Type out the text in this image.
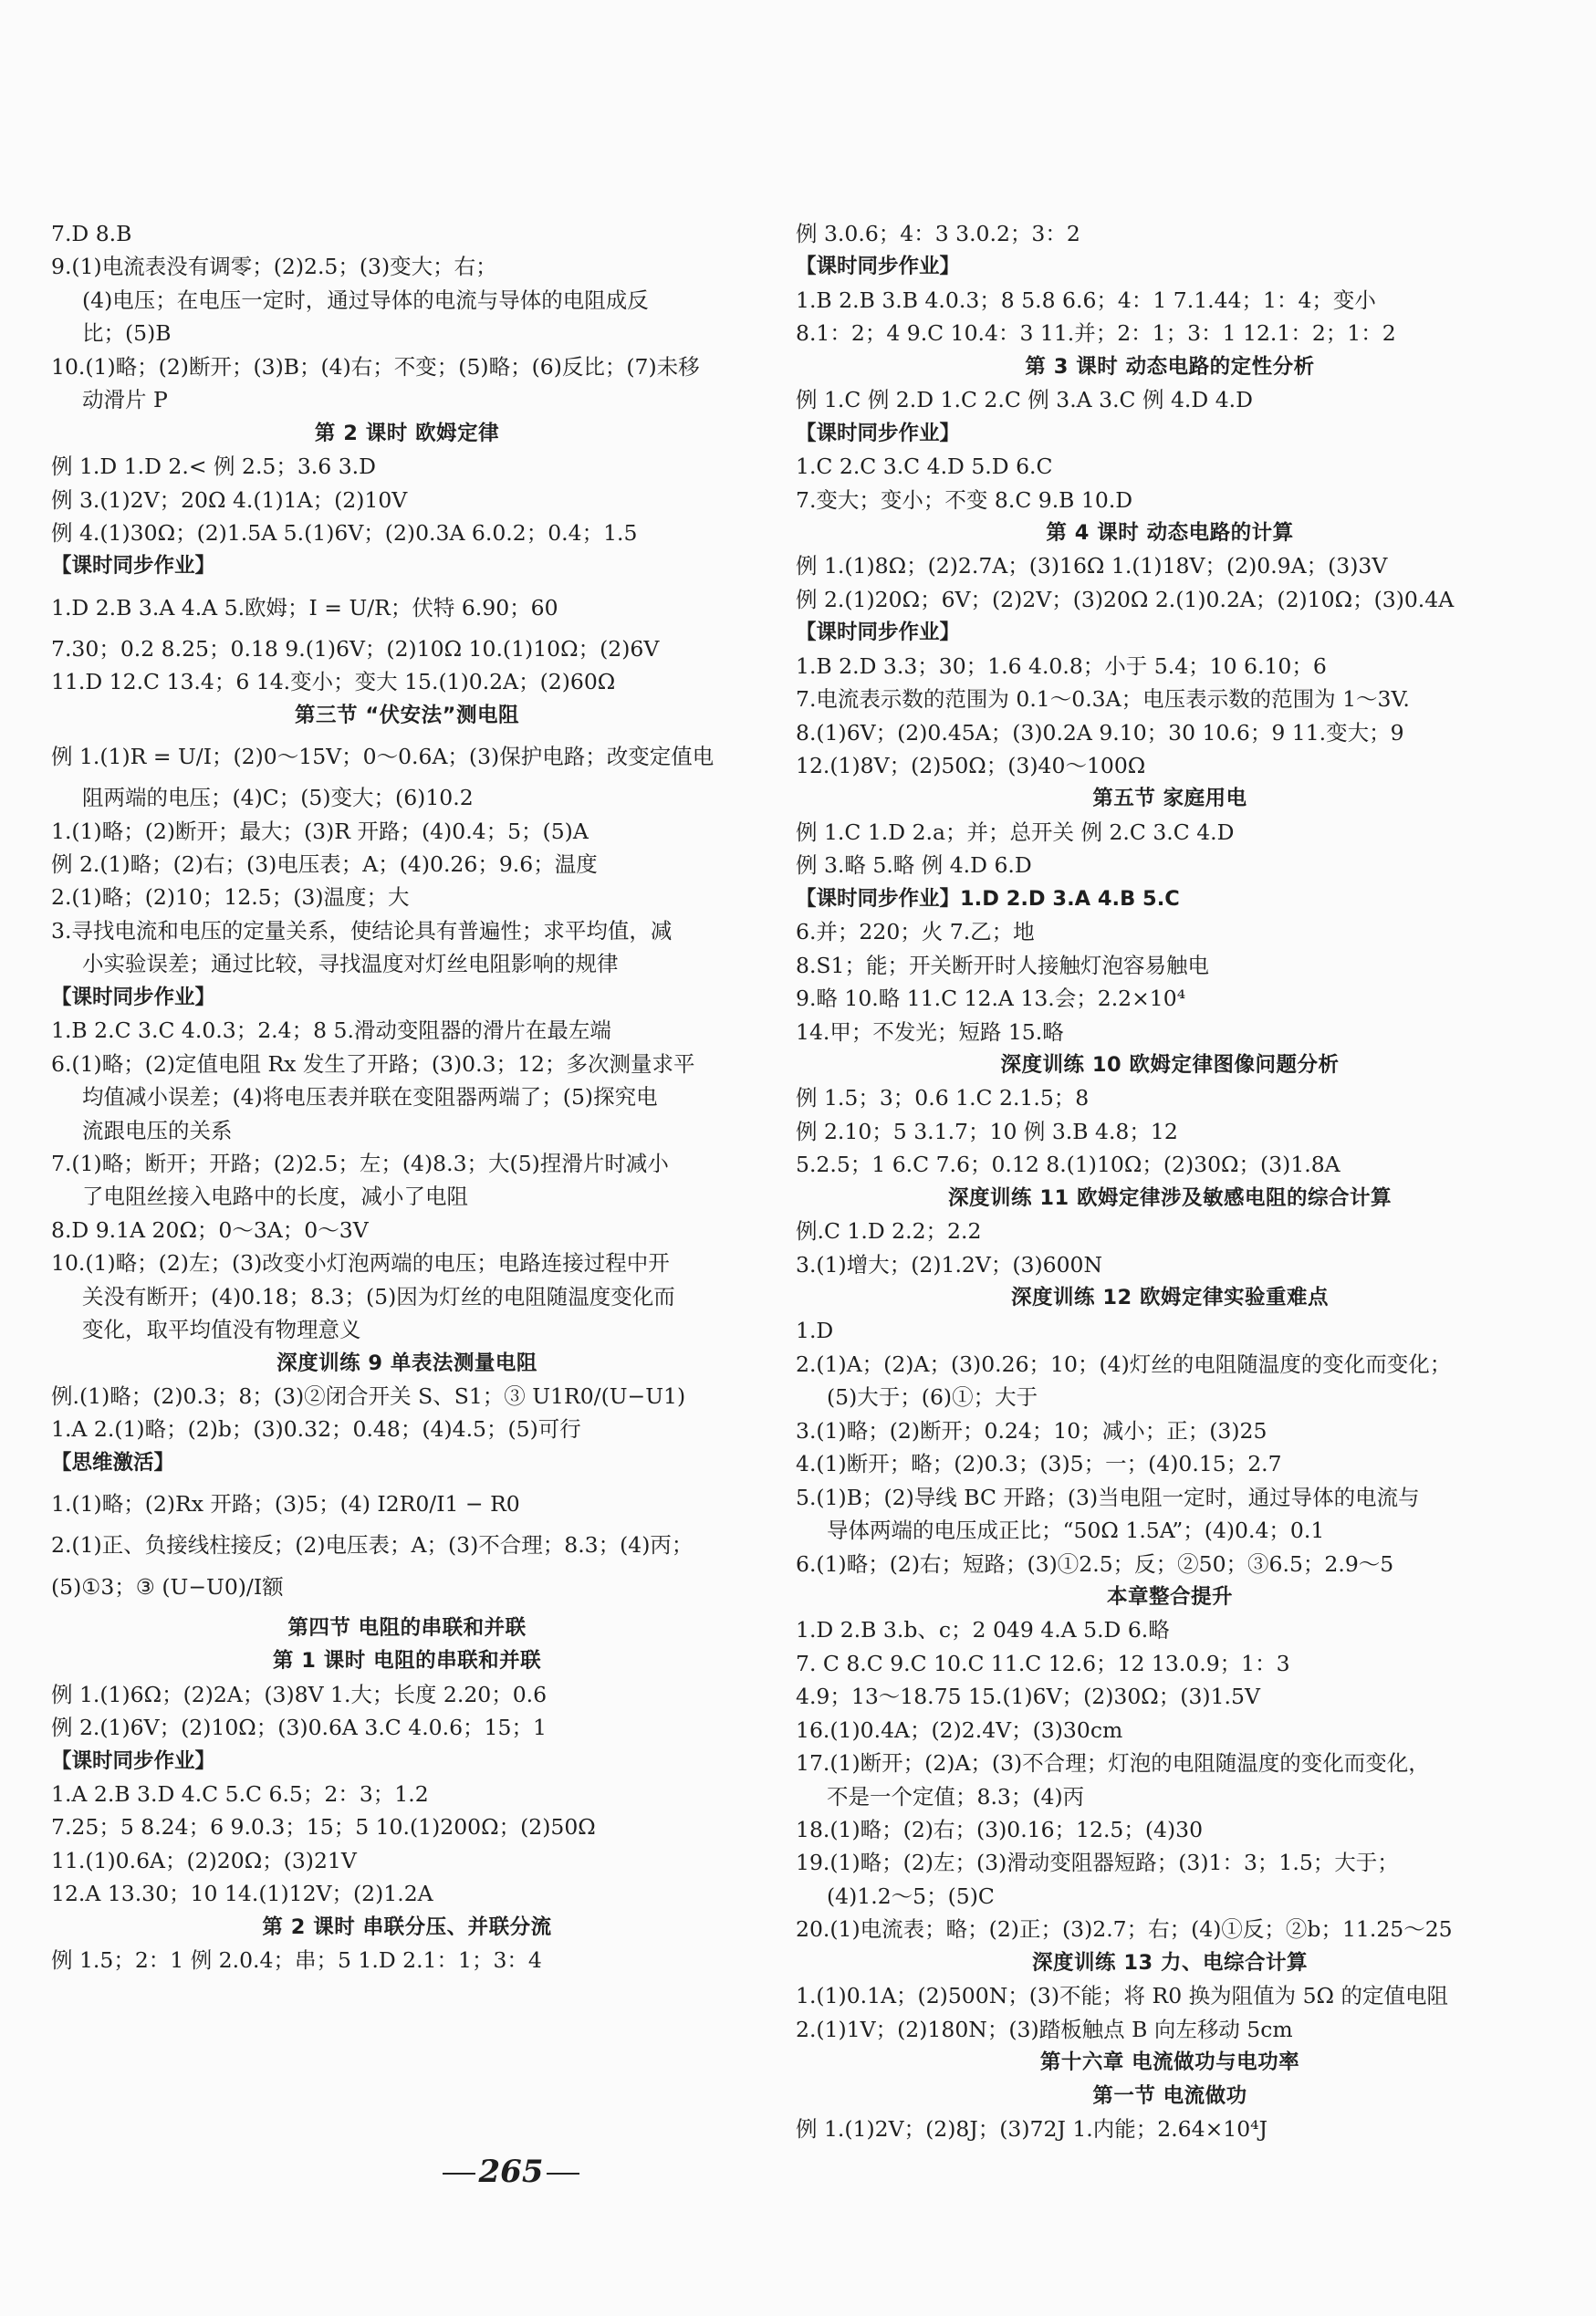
7.D 8.B
9.(1)电流表没有调零；(2)2.5；(3)变大；右；
(4)电压；在电压一定时，通过导体的电流与导体的电阻成反
比；(5)B
10.(1)略；(2)断开；(3)B；(4)右；不变；(5)略；(6)反比；(7)未移
动滑片 P
第 2 课时 欧姆定律
例 1.D 1.D 2.< 例 2.5；3.6 3.D
例 3.(1)2V；20Ω 4.(1)1A；(2)10V
例 4.(1)30Ω；(2)1.5A 5.(1)6V；(2)0.3A 6.0.2；0.4；1.5
【课时同步作业】
1.D 2.B 3.A 4.A 5.欧姆；I = U/R；伏特 6.90；60
7.30；0.2 8.25；0.18 9.(1)6V；(2)10Ω 10.(1)10Ω；(2)6V
11.D 12.C 13.4；6 14.变小；变大 15.(1)0.2A；(2)60Ω
第三节 “伏安法”测电阻
例 1.(1)R = U/I；(2)0～15V；0～0.6A；(3)保护电路；改变定值电
阻两端的电压；(4)C；(5)变大；(6)10.2
1.(1)略；(2)断开；最大；(3)R 开路；(4)0.4；5；(5)A
例 2.(1)略；(2)右；(3)电压表；A；(4)0.26；9.6；温度
2.(1)略；(2)10；12.5；(3)温度；大
3.寻找电流和电压的定量关系，使结论具有普遍性；求平均值，减
小实验误差；通过比较，寻找温度对灯丝电阻影响的规律
【课时同步作业】
1.B 2.C 3.C 4.0.3；2.4；8 5.滑动变阻器的滑片在最左端
6.(1)略；(2)定值电阻 Rx 发生了开路；(3)0.3；12；多次测量求平
均值减小误差；(4)将电压表并联在变阻器两端了；(5)探究电
流跟电压的关系
7.(1)略；断开；开路；(2)2.5；左；(4)8.3；大(5)捏滑片时减小
了电阻丝接入电路中的长度，减小了电阻
8.D 9.1A 20Ω；0～3A；0～3V
10.(1)略；(2)左；(3)改变小灯泡两端的电压；电路连接过程中开
关没有断开；(4)0.18；8.3；(5)因为灯丝的电阻随温度变化而
变化，取平均值没有物理意义
深度训练 9 单表法测量电阻
例.(1)略；(2)0.3；8；(3)②闭合开关 S、S1；③ U1R0/(U−U1)
1.A 2.(1)略；(2)b；(3)0.32；0.48；(4)4.5；(5)可行
【思维激活】
1.(1)略；(2)Rx 开路；(3)5；(4) I2R0/I1 − R0
2.(1)正、负接线柱接反；(2)电压表；A；(3)不合理；8.3；(4)丙；
(5)①3；③ (U−U0)/I额
第四节 电阻的串联和并联
第 1 课时 电阻的串联和并联
例 1.(1)6Ω；(2)2A；(3)8V 1.大；长度 2.20；0.6
例 2.(1)6V；(2)10Ω；(3)0.6A 3.C 4.0.6；15；1
【课时同步作业】
1.A 2.B 3.D 4.C 5.C 6.5；2：3；1.2
7.25；5 8.24；6 9.0.3；15；5 10.(1)200Ω；(2)50Ω
11.(1)0.6A；(2)20Ω；(3)21V
12.A 13.30；10 14.(1)12V；(2)1.2A
第 2 课时 串联分压、并联分流
例 1.5；2：1 例 2.0.4；串；5 1.D 2.1：1；3：4
例 3.0.6；4：3 3.0.2；3：2
【课时同步作业】
1.B 2.B 3.B 4.0.3；8 5.8 6.6；4：1 7.1.44；1：4；变小
8.1：2；4 9.C 10.4：3 11.并；2：1；3：1 12.1：2；1：2
第 3 课时 动态电路的定性分析
例 1.C 例 2.D 1.C 2.C 例 3.A 3.C 例 4.D 4.D
【课时同步作业】
1.C 2.C 3.C 4.D 5.D 6.C
7.变大；变小；不变 8.C 9.B 10.D
第 4 课时 动态电路的计算
例 1.(1)8Ω；(2)2.7A；(3)16Ω 1.(1)18V；(2)0.9A；(3)3V
例 2.(1)20Ω；6V；(2)2V；(3)20Ω 2.(1)0.2A；(2)10Ω；(3)0.4A
【课时同步作业】
1.B 2.D 3.3；30；1.6 4.0.8；小于 5.4；10 6.10；6
7.电流表示数的范围为 0.1～0.3A；电压表示数的范围为 1～3V.
8.(1)6V；(2)0.45A；(3)0.2A 9.10；30 10.6；9 11.变大；9
12.(1)8V；(2)50Ω；(3)40～100Ω
第五节 家庭用电
例 1.C 1.D 2.a；并；总开关 例 2.C 3.C 4.D
例 3.略 5.略 例 4.D 6.D
【课时同步作业】1.D 2.D 3.A 4.B 5.C
6.并；220；火 7.乙；地
8.S1；能；开关断开时人接触灯泡容易触电
9.略 10.略 11.C 12.A 13.会；2.2×10⁴
14.甲；不发光；短路 15.略
深度训练 10 欧姆定律图像问题分析
例 1.5；3；0.6 1.C 2.1.5；8
例 2.10；5 3.1.7；10 例 3.B 4.8；12
5.2.5；1 6.C 7.6；0.12 8.(1)10Ω；(2)30Ω；(3)1.8A
深度训练 11 欧姆定律涉及敏感电阻的综合计算
例.C 1.D 2.2；2.2
3.(1)增大；(2)1.2V；(3)600N
深度训练 12 欧姆定律实验重难点
1.D
2.(1)A；(2)A；(3)0.26；10；(4)灯丝的电阻随温度的变化而变化；
(5)大于；(6)①；大于
3.(1)略；(2)断开；0.24；10；减小；正；(3)25
4.(1)断开；略；(2)0.3；(3)5；一；(4)0.15；2.7
5.(1)B；(2)导线 BC 开路；(3)当电阻一定时，通过导体的电流与
导体两端的电压成正比；“50Ω 1.5A”；(4)0.4；0.1
6.(1)略；(2)右；短路；(3)①2.5；反；②50；③6.5；2.9～5
本章整合提升
1.D 2.B 3.b、c；2 049 4.A 5.D 6.略
7. C 8.C 9.C 10.C 11.C 12.6；12 13.0.9；1：3
4.9；13～18.75 15.(1)6V；(2)30Ω；(3)1.5V
16.(1)0.4A；(2)2.4V；(3)30cm
17.(1)断开；(2)A；(3)不合理；灯泡的电阻随温度的变化而变化，
不是一个定值；8.3；(4)丙
18.(1)略；(2)右；(3)0.16；12.5；(4)30
19.(1)略；(2)左；(3)滑动变阻器短路；(3)1：3；1.5；大于；
(4)1.2～5；(5)C
20.(1)电流表；略；(2)正；(3)2.7；右；(4)①反；②b；11.25～25
深度训练 13 力、电综合计算
1.(1)0.1A；(2)500N；(3)不能；将 R0 换为阻值为 5Ω 的定值电阻
2.(1)1V；(2)180N；(3)踏板触点 B 向左移动 5cm
第十六章 电流做功与电功率
第一节 电流做功
例 1.(1)2V；(2)8J；(3)72J 1.内能；2.64×10⁴J
265
